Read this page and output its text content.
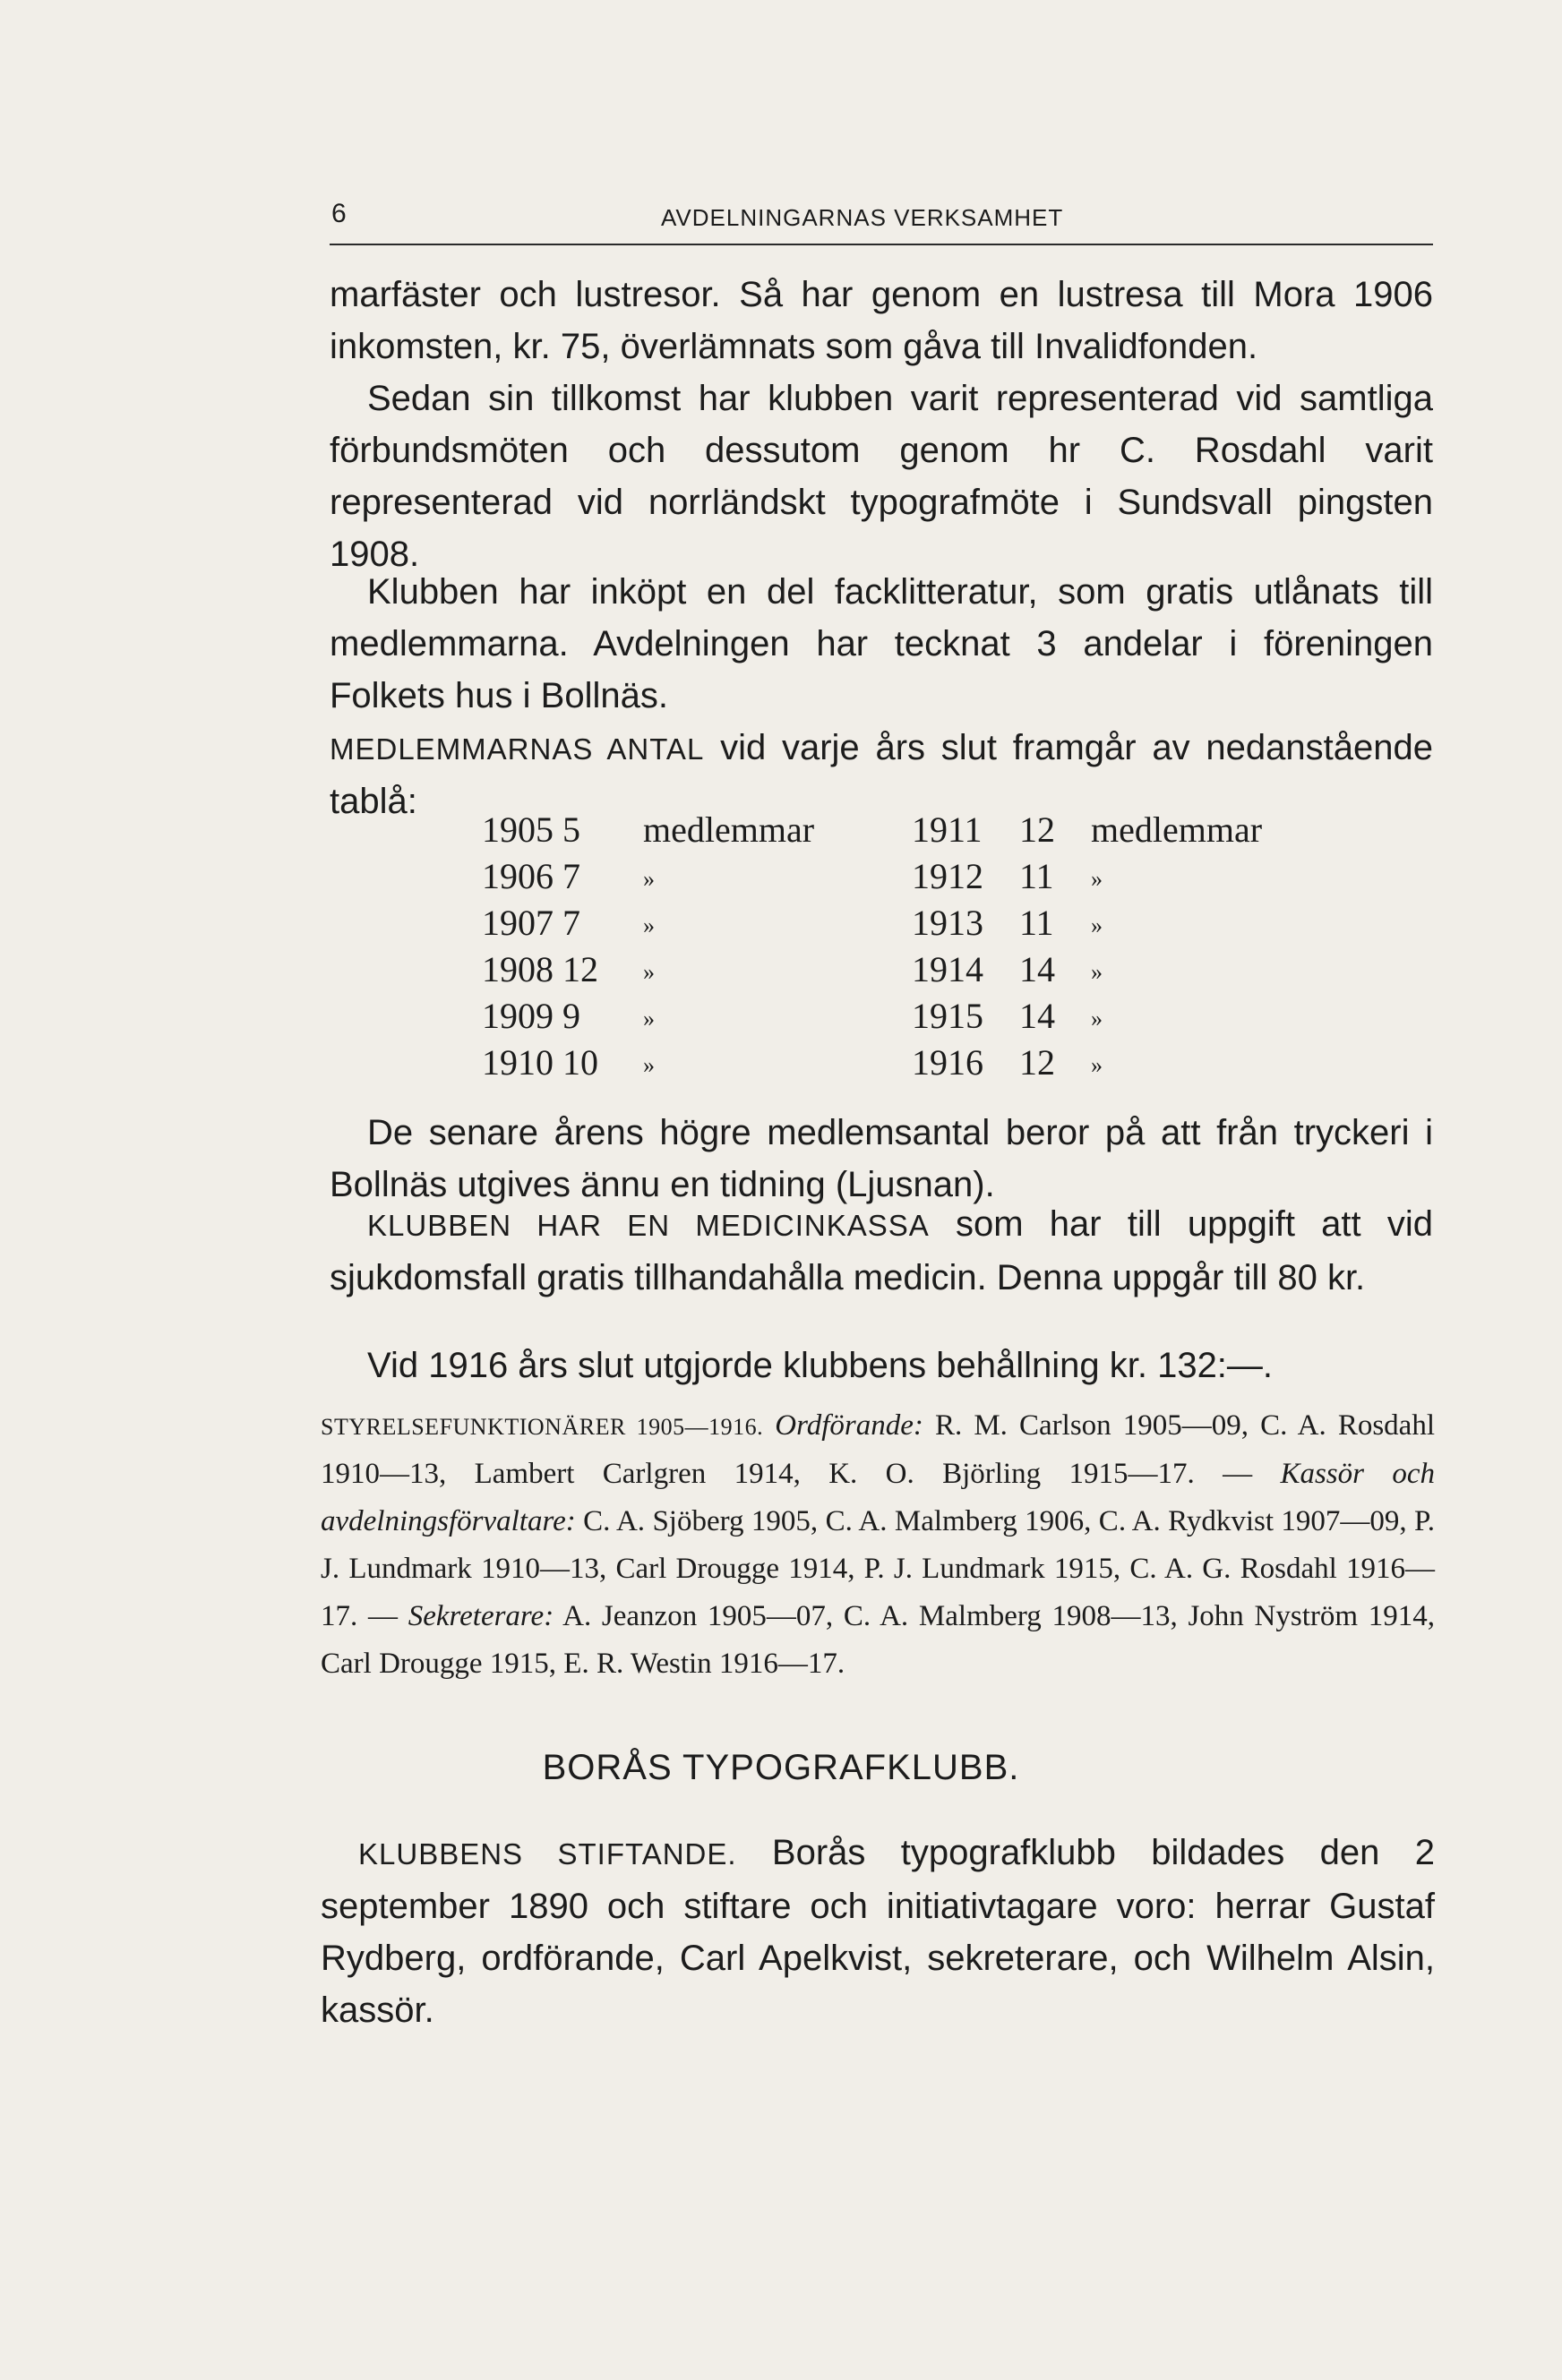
6	AVDELNINGARNAS VERKSAMHET
marfäster och lustresor. Så har genom en lustresa till Mora 1906 inkomsten, kr. 75, överlämnats som gåva till Invalidfonden.
Sedan sin tillkomst har klubben varit representerad vid samtliga förbundsmöten och dessutom genom hr C. Rosdahl varit representerad vid norrländskt typografmöte i Sundsvall pingsten 1908.
Klubben har inköpt en del facklitteratur, som gratis utlånats till medlemmarna. Avdelningen har tecknat 3 andelar i föreningen Folkets hus i Bollnäs.
MEDLEMMARNAS ANTAL vid varje års slut framgår av nedanstående tablå:
1905 5	medlemmar	1911 12	medlemmar
1906 7	»	1912 11	»
1907 7	»	1913 11	»
1908 12	»	1914 14	»
1909 9	»	1915 14	»
1910 10	»	1916 12	»
De senare årens högre medlemsantal beror på att från tryckeri i Bollnäs utgives ännu en tidning (Ljusnan).
KLUBBEN HAR EN MEDICINKASSA som har till uppgift att vid sjukdomsfall gratis tillhandahålla medicin. Denna uppgår till 80 kr.
Vid 1916 års slut utgjorde klubbens behållning kr. 132:—.
STYRELSEFUNKTIONÄRER 1905—1916. Ordförande: R. M. Carlson 1905—09, C. A. Rosdahl 1910—13, Lambert Carlgren 1914, K. O. Björling 1915—17. — Kassör och avdelningsförvaltare: C. A. Sjöberg 1905, C. A. Malmberg 1906, C. A. Rydkvist 1907—09, P. J. Lundmark 1910—13, Carl Drougge 1914, P. J. Lundmark 1915, C. A. G. Rosdahl 1916—17. — Sekreterare: A. Jeanzon 1905—07, C. A. Malmberg 1908—13, John Nyström 1914, Carl Drougge 1915, E. R. Westin 1916—17.
BORÅS TYPOGRAFKLUBB.
KLUBBENS STIFTANDE. Borås typografklubb bildades den 2 september 1890 och stiftare och initiativtagare voro: herrar Gustaf Rydberg, ordförande, Carl Apelkvist, sekreterare, och Wilhelm Alsin, kassör.
